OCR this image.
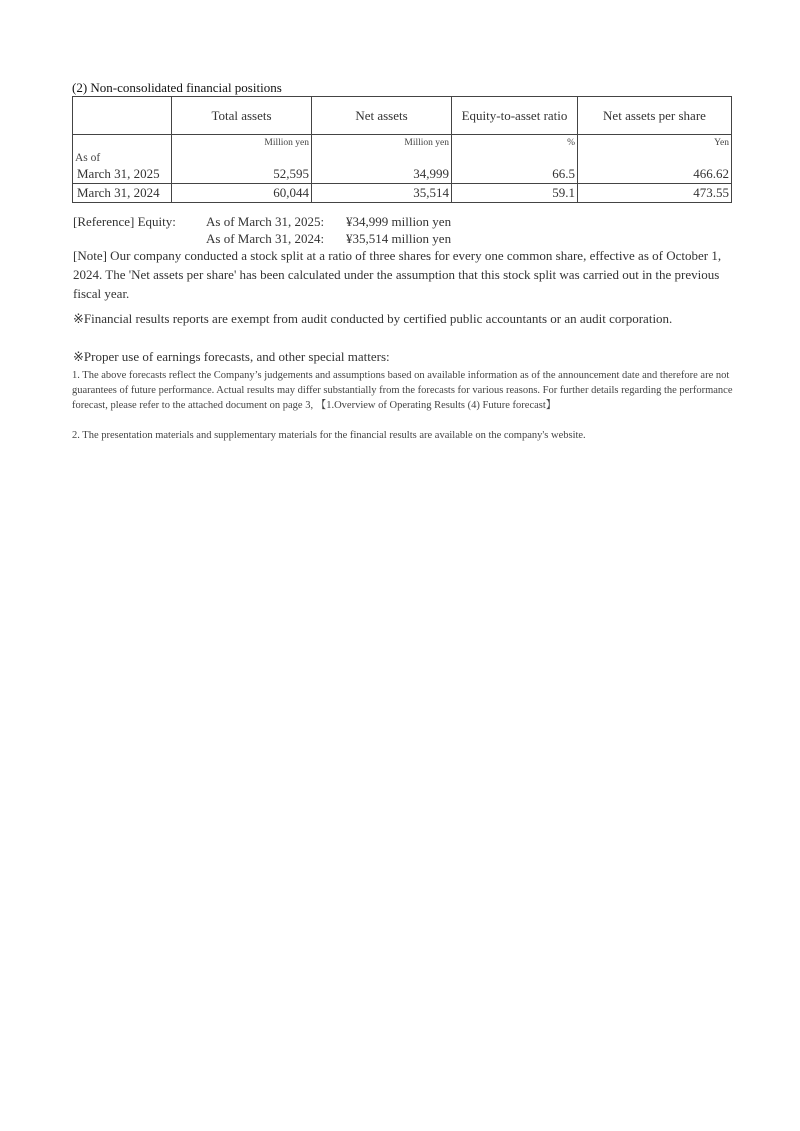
(2) Non-consolidated financial positions
	Total assets	Net assets	Equity-to-asset ratio	Net assets per share
	Million yen	Million yen	%	Yen
As of				
March 31, 2025	52,595	34,999	66.5	466.62
March 31, 2024	60,044	35,514	59.1	473.55
[Reference] Equity: As of March 31, 2025: ¥34,999 million yen
As of March 31, 2024: ¥35,514 million yen
[Note] Our company conducted a stock split at a ratio of three shares for every one common share, effective as of October 1, 2024. The 'Net assets per share' has been calculated under the assumption that this stock split was carried out in the previous fiscal year.
※Financial results reports are exempt from audit conducted by certified public accountants or an audit corporation.
※Proper use of earnings forecasts, and other special matters:
1. The above forecasts reflect the Company’s judgements and assumptions based on available information as of the announcement date and therefore are not guarantees of future performance. Actual results may differ substantially from the forecasts for various reasons. For further details regarding the performance forecast, please refer to the attached document on page 3, 【1.Overview of Operating Results (4) Future forecast】
2. The presentation materials and supplementary materials for the financial results are available on the company's website.
